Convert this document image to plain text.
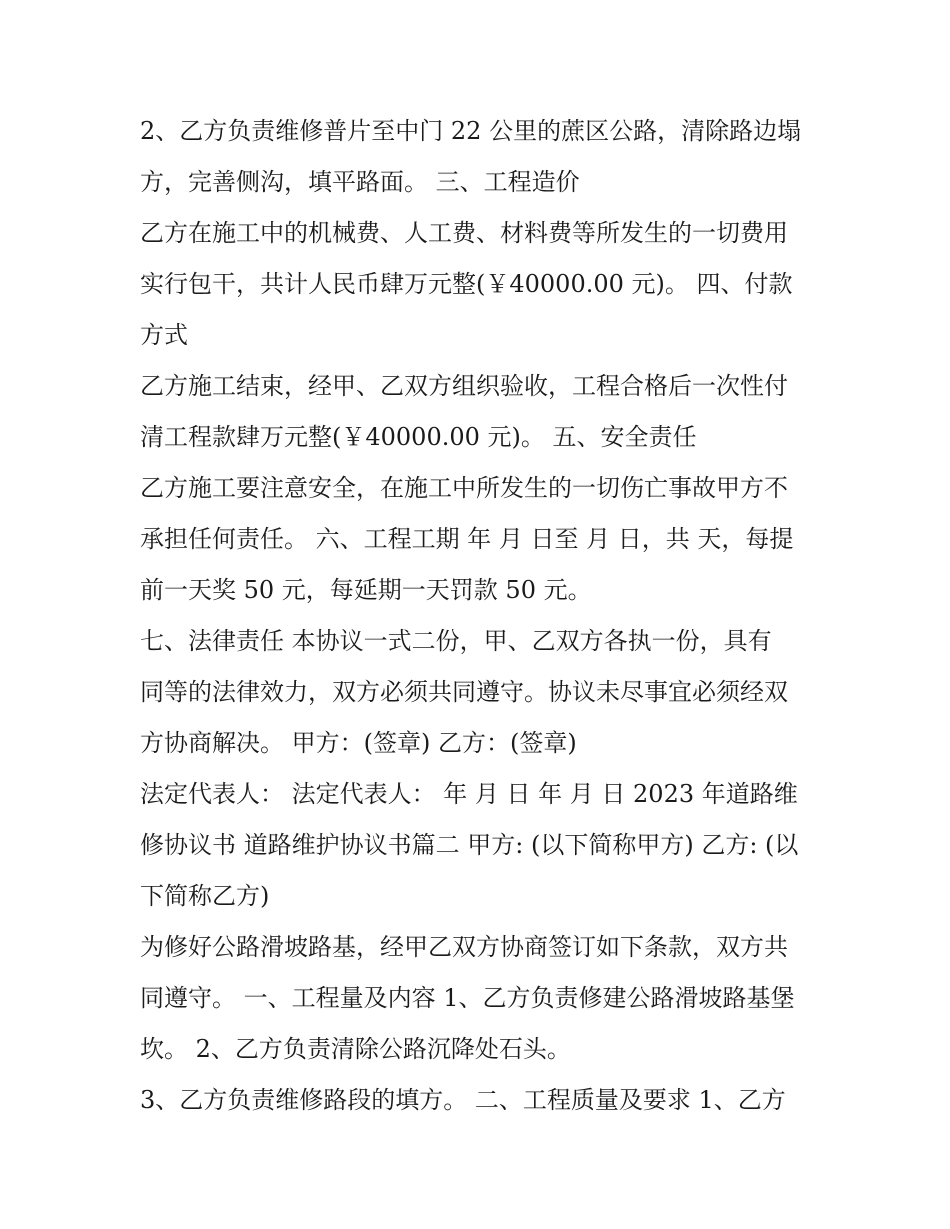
2、乙方负责维修普片至中门 22 公里的蔗区公路，清除路边塌
方，完善侧沟，填平路面。 三、工程造价
乙方在施工中的机械费、人工费、材料费等所发生的一切费用
实行包干，共计人民币肆万元整(￥40000.00 元)。 四、付款
方式
乙方施工结束，经甲、乙双方组织验收，工程合格后一次性付
清工程款肆万元整(￥40000.00 元)。 五、安全责任
乙方施工要注意安全，在施工中所发生的一切伤亡事故甲方不
承担任何责任。 六、工程工期 年 月 日至 月 日，共 天，每提
前一天奖 50 元，每延期一天罚款 50 元。
七、法律责任 本协议一式二份，甲、乙双方各执一份，具有
同等的法律效力，双方必须共同遵守。协议未尽事宜必须经双
方协商解决。 甲方：(签章) 乙方：(签章)
法定代表人： 法定代表人： 年 月 日 年 月 日 2023 年道路维
修协议书 道路维护协议书篇二 甲方: (以下简称甲方) 乙方: (以
下简称乙方)
为修好公路滑坡路基，经甲乙双方协商签订如下条款，双方共
同遵守。 一、工程量及内容 1、乙方负责修建公路滑坡路基堡
坎。 2、乙方负责清除公路沉降处石头。
3、乙方负责维修路段的填方。 二、工程质量及要求 1、乙方
